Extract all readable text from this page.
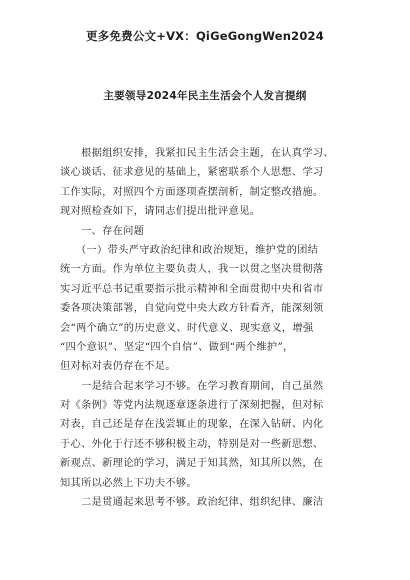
更多免费公文+VX：QiGeGongWen2024
主要领导2024年民主生活会个人发言提纲
　　根据组织安排，我紧扣民主生活会主题，在认真学习、
谈心谈话、征求意见的基础上，紧密联系个人思想、学习
工作实际，对照四个方面逐项查摆剖析，制定整改措施。
现对照检查如下，请同志们提出批评意见。
　　一、存在问题
　　（一）带头严守政治纪律和政治规矩，维护党的团结
统一方面。作为单位主要负责人，我一以贯之坚决贯彻落
实习近平总书记重要指示批示精神和全面贯彻中央和省市
委各项决策部署，自觉向党中央大政方针看齐，能深刻领
会“两个确立”的历史意义、时代意义、现实意义，增强
“四个意识”、坚定“四个自信”、做到“两个维护”，
但对标对表仍存在不足。
　　一是结合起来学习不够。在学习教育期间，自己虽然
对《条例》等党内法规逐章逐条进行了深刻把握，但对标
对表，自己还是存在浅尝辄止的现象，在深入钻研、内化
于心、外化于行还不够积极主动，特别是对一些新思想、
新观点、新理论的学习，满足于知其然，知其所以然，在
知其所以必然上下功夫不够。
　　二是贯通起来思考不够。政治纪律、组织纪律、廉洁
